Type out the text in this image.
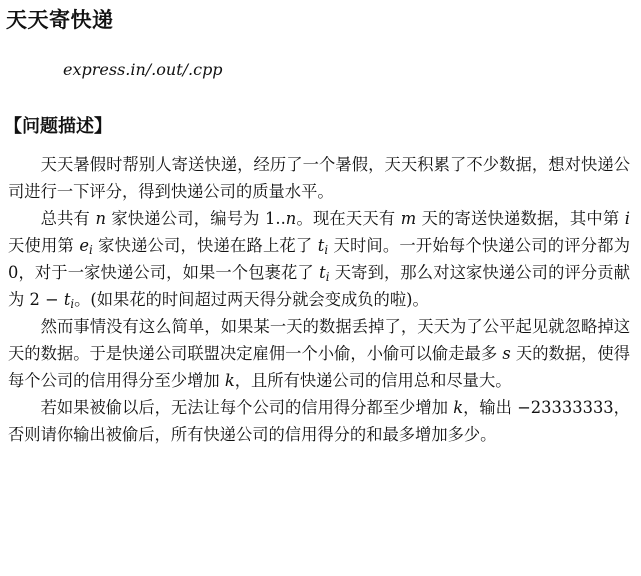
天天寄快递
express.in/.out/.cpp
【问题描述】

天天暑假时帮别人寄送快递，经历了一个暑假，天天积累了不少数据，想对快递公司进行一下评分，得到快递公司的质量水平。

总共有 n 家快递公司，编号为 1..n。现在天天有 m 天的寄送快递数据，其中第 i 天使用第 $e_i$ 家快递公司，快递在路上花了 $t_i$ 天时间。一开始每个快递公司的评分都为 0，对于一家快递公司，如果一个包裹花了 $t_i$ 天寄到，那么对这家快递公司的评分贡献为 $2 - t_i$。(如果花的时间超过两天得分就会变成负的啦)。

然而事情没有这么简单，如果某一天的数据丢掉了，天天为了公平起见就忽略掉这天的数据。于是快递公司联盟决定雇佣一个小偷，小偷可以偷走最多 s 天的数据，使得每个公司的信用得分至少增加 k，且所有快递公司的信用总和尽量大。

若如果被偷以后，无法让每个公司的信用得分都至少增加 k，输出 −23333333，否则请你输出被偷后，所有快递公司的信用得分的和最多增加多少。
